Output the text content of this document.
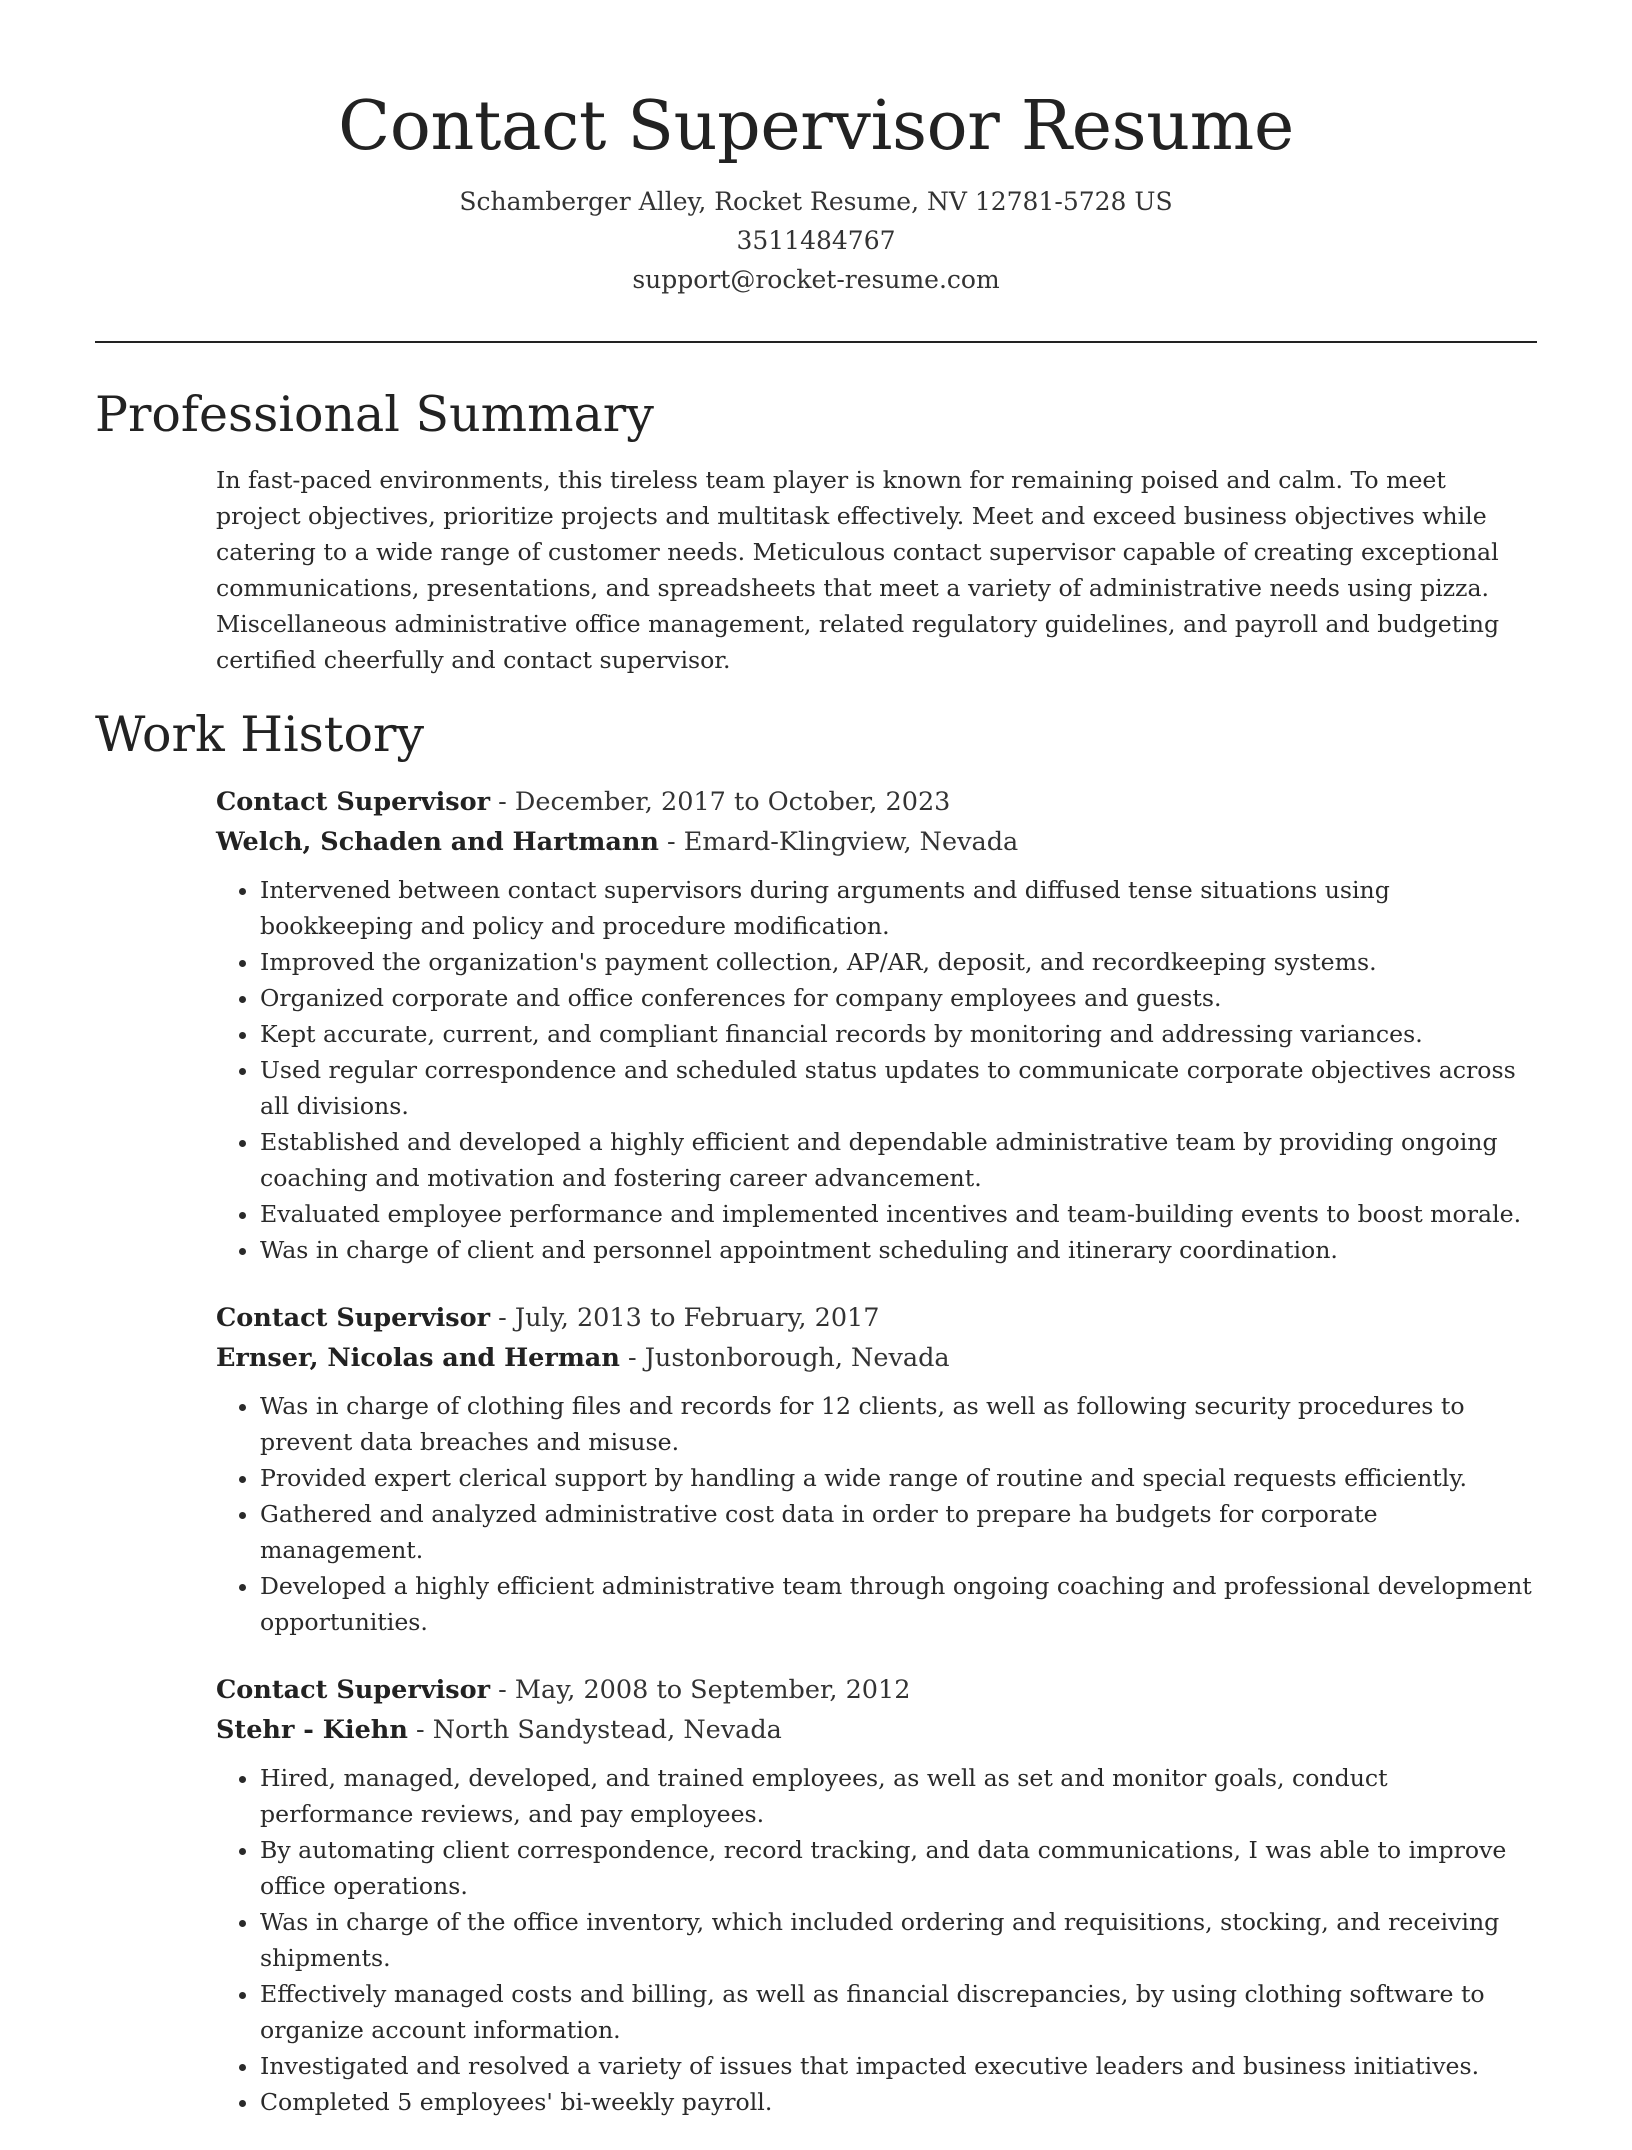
Contact Supervisor Resume
Schamberger Alley, Rocket Resume, NV 12781-5728 US
3511484767
support@rocket-resume.com
Professional Summary

In fast-paced environments, this tireless team player is known for remaining poised and calm. To meet project objectives, prioritize projects and multitask effectively. Meet and exceed business objectives while catering to a wide range of customer needs. Meticulous contact supervisor capable of creating exceptional communications, presentations, and spreadsheets that meet a variety of administrative needs using pizza. Miscellaneous administrative office management, related regulatory guidelines, and payroll and budgeting certified cheerfully and contact supervisor.

Work History
Contact Supervisor - December, 2017 to October, 2023
Welch, Schaden and Hartmann - Emard-Klingview, Nevada
• Intervened between contact supervisors during arguments and diffused tense situations using bookkeeping and policy and procedure modification.
• Improved the organization's payment collection, AP/AR, deposit, and recordkeeping systems.
• Organized corporate and office conferences for company employees and guests.
• Kept accurate, current, and compliant financial records by monitoring and addressing variances.
• Used regular correspondence and scheduled status updates to communicate corporate objectives across all divisions.
• Established and developed a highly efficient and dependable administrative team by providing ongoing coaching and motivation and fostering career advancement.
• Evaluated employee performance and implemented incentives and team-building events to boost morale.
• Was in charge of client and personnel appointment scheduling and itinerary coordination.
Contact Supervisor - July, 2013 to February, 2017
Ernser, Nicolas and Herman - Justonborough, Nevada
• Was in charge of clothing files and records for 12 clients, as well as following security procedures to prevent data breaches and misuse.
• Provided expert clerical support by handling a wide range of routine and special requests efficiently.
• Gathered and analyzed administrative cost data in order to prepare ha budgets for corporate management.
• Developed a highly efficient administrative team through ongoing coaching and professional development opportunities.
Contact Supervisor - May, 2008 to September, 2012
Stehr - Kiehn - North Sandystead, Nevada
• Hired, managed, developed, and trained employees, as well as set and monitor goals, conduct performance reviews, and pay employees.
• By automating client correspondence, record tracking, and data communications, I was able to improve office operations.
• Was in charge of the office inventory, which included ordering and requisitions, stocking, and receiving shipments.
• Effectively managed costs and billing, as well as financial discrepancies, by using clothing software to organize account information.
• Investigated and resolved a variety of issues that impacted executive leaders and business initiatives.
• Completed 5 employees' bi-weekly payroll.
